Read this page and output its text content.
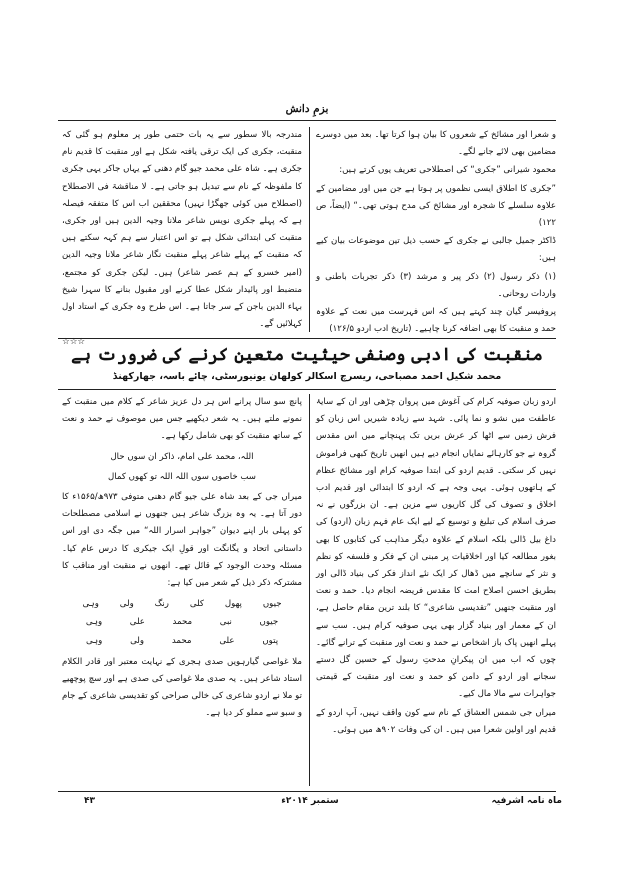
بزمِ دانش

و شعرا اور مشائخ کے شعروں کا بیان ہوا کرتا تھا۔ بعد میں دوسرے مضامین بھی لائے جانے لگے۔

محمود شیرانی ”جکری“ کی اصطلاحی تعریف یوں کرتے ہیں:

”جکری کا اطلاق ایسی نظموں پر ہوتا ہے جن میں اور مضامین کے علاوہ سلسلے کا شجرہ اور مشائخ کی مدح ہوتی تھی۔“ (ایضاً، ص ۱۲۲)

ڈاکٹر جمیل جالبی نے جکری کے حسب ذیل تین موضوعات بیان کیے ہیں:

(۱) ذکر رسول (۲) ذکر پیر و مرشد (۳) ذکر تجربات باطنی و واردات روحانی۔

پروفیسر گیان چند کہتے ہیں کہ اس فہرست میں نعت کے علاوہ حمد و منقبت کا بھی اضافہ کرنا چاہیے۔ (تاریخ ادب اردو ۱۲۶/۵)

مندرجہ بالا سطور سے یہ بات حتمی طور پر معلوم ہو گئی کہ منقبت، جکری کی ایک ترقی یافتہ شکل ہے اور منقبت کا قدیم نام جکری ہے۔ شاہ علی محمد جیو گام دھنی کے یہاں جاکر یہی جکری کا ملفوظہ کے نام سے تبدیل ہو جاتی ہے۔ لا مناقشۃ فی الاصطلاح (اصطلاح میں کوئی جھگڑا نہیں) محققین اب اس کا متفقہ فیصلہ ہے کہ پہلے جکری نویس شاعر ملانا وجیہ الدین ہیں اور جکری، منقبت کی ابتدائی شکل ہے تو اس اعتبار سے ہم کہہ سکتے ہیں کہ منقبت کے پہلے شاعر پہلے منقبت نگار شاعر ملانا وجیہ الدین (امیر خسرو کے ہم عصر شاعر) ہیں۔ لیکن جکری کو مجتمع، منضبط اور پائیدار شکل عطا کرنے اور مقبول بنانے کا سہرا شیخ بہاء الدین باجن کے سر جاتا ہے۔ اس طرح وہ جکری کے استاد اول کہلائیں گے۔

☆☆☆

منقبت کی ادبی وصنفی حیثیت متعین کرنے کی ضرورت ہے
محمد شکیل احمد مصباحی، ریسرچ اسکالر کولھان یونیورسٹی، چائے باسہ، جھارکھنڈ

اردو زبان صوفیہ کرام کی آغوش میں پروان چڑھی اور ان کے سایۂ عاطفت میں نشو و نما پائی۔ شہد سے زیادہ شیریں اس زبان کو فرش زمیں سے اٹھا کر عرش بریں تک پہنچانے میں اس مقدس گروہ نے جو کارہائے نمایاں انجام دیے ہیں انھیں تاریخ کبھی فراموش نہیں کر سکتی۔ قدیم اردو کی ابتدا صوفیہ کرام اور مشائخ عظام کے ہاتھوں ہوئی۔ یہی وجہ ہے کہ اردو کا ابتدائی اور قدیم ادب اخلاق و تصوف کی گل کاریوں سے مزین ہے۔ ان بزرگوں نے نہ صرف اسلام کی تبلیغ و توسیع کے لیے ایک عام فہم زبان (اردو) کی داغ بیل ڈالی بلکہ اسلام کے علاوہ دیگر مذاہب کی کتابوں کا بھی بغور مطالعہ کیا اور اخلاقیات پر مبنی ان کے فکر و فلسفہ کو نظم و نثر کے سانچے میں ڈھال کر ایک نئے انداز فکر کی بنیاد ڈالی اور بطریق احسن اصلاح امت کا مقدس فریضہ انجام دیا۔ حمد و نعت اور منقبت جنھیں ”تقدیسی شاعری“ کا بلند ترین مقام حاصل ہے، ان کے معمار اور بنیاد گزار بھی یہی صوفیہ کرام ہیں۔ سب سے پہلے انھیں پاک باز اشخاص نے حمد و نعت اور منقبت کے ترانے گائے۔ چوں کہ اب میں ان پیکرانِ مدحتِ رسول کے حسین گل دستے سجانے اور اردو کے دامن کو حمد و نعت اور منقبت کے قیمتی جواہرات سے مالا مال کیے۔

میراں جی شمس العشاق کے نام سے کون واقف نہیں، آپ اردو کے قدیم اور اولین شعرا میں ہیں۔ ان کی وفات ۹۰۲ھ میں ہوئی۔

پانچ سو سال پرانے اس ہر دل عزیز شاعر کے کلام میں منقبت کے نمونے ملتے ہیں۔ یہ شعر دیکھیے جس میں موصوف نے حمد و نعت کے ساتھ منقبت کو بھی شامل رکھا ہے۔

اللہ، محمد علی امام، ذاکر ان سوں حال

سب خاصوں سوں اللہ اللہ تو کھوں کمال

میراں جی کے بعد شاہ علی جیو گام دھنی متوفی ۹۷۳ھ/۱۵۶۵ء کا دور آتا ہے۔ یہ وہ بزرگ شاعر ہیں جنھوں نے اسلامی مصطلحات کو پہلی بار اپنے دیوان ”جواہر اسرار اللہ“ میں جگہ دی اور اس داستانی اتحاد و یگانگت اور قولِ ایک جیکری کا درس عام کیا۔ مسئلہ وحدت الوجود کے قائل تھے۔ انھوں نے منقبت اور مناقب کا مشترکہ ذکر ذیل کے شعر میں کیا ہے:

جیوں
پھول
کلی
رنگ
ولی
وہی
جیوں
نبی
محمد
علی
وہی
پتوں
علی
محمد
ولی
وہی

ملا غواصی گیارہویں صدی ہجری کے نہایت معتبر اور قادر الکلام استاد شاعر ہیں۔ یہ صدی ملا غواصی کی صدی ہے اور سچ پوچھیے تو ملا نے اردو شاعری کی خالی صراحی کو تقدیسی شاعری کے جام و سبو سے مملو کر دیا ہے۔

۴۳	ستمبر ۲۰۱۴ء	ماہ نامہ اشرفیہ
